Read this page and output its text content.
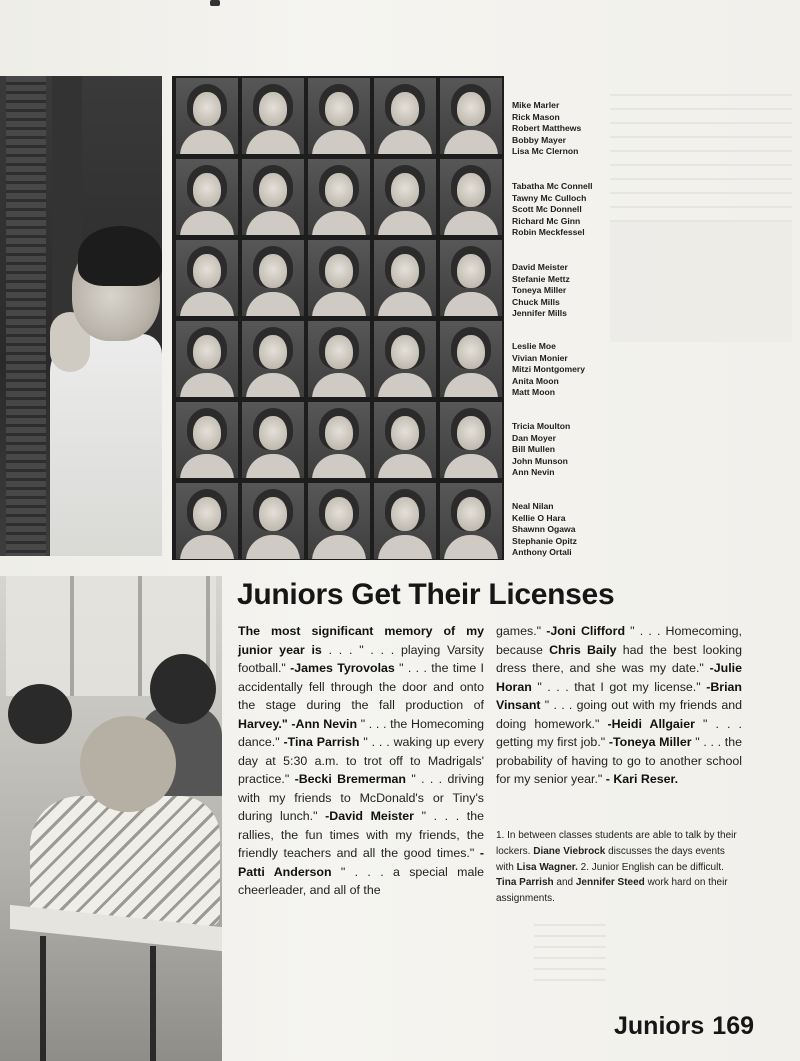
Mike Marler
Rick Mason
Robert Matthews
Bobby Mayer
Lisa Mc Clernon
Tabatha Mc Connell
Tawny Mc Culloch
Scott Mc Donnell
Richard Mc Ginn
Robin Meckfessel
David Meister
Stefanie Mettz
Toneya Miller
Chuck Mills
Jennifer Mills
Leslie Moe
Vivian Monier
Mitzi Montgomery
Anita Moon
Matt Moon
Tricia Moulton
Dan Moyer
Bill Mullen
John Munson
Ann Nevin
Neal Nilan
Kellie O Hara
Shawnn Ogawa
Stephanie Opitz
Anthony Ortali
Juniors Get Their Licenses
The most significant memory of my junior year is . . . " . . . playing Varsity football." -James Tyrovolas " . . . the time I accidentally fell through the door and onto the stage during the fall production of Harvey." -Ann Nevin " . . . the Homecoming dance." -Tina Parrish " . . . waking up every day at 5:30 a.m. to trot off to Madrigals' practice." -Becki Bremerman " . . . driving with my friends to McDonald's or Tiny's during lunch." -David Meister " . . . the rallies, the fun times with my friends, the friendly teachers and all the good times." -Patti Anderson " . . . a special male cheerleader, and all of the
games." -Joni Clifford " . . . Homecoming, because Chris Baily had the best looking dress there, and she was my date." -Julie Horan " . . . that I got my license." -Brian Vinsant " . . . going out with my friends and doing homework." -Heidi Allgaier " . . . getting my first job." -Toneya Miller " . . . the probability of having to go to another school for my senior year." - Kari Reser.
1. In between classes students are able to talk by their lockers. Diane Viebrock discusses the days events with Lisa Wagner. 2. Junior English can be difficult. Tina Parrish and Jennifer Steed work hard on their assignments.
Juniors 169
